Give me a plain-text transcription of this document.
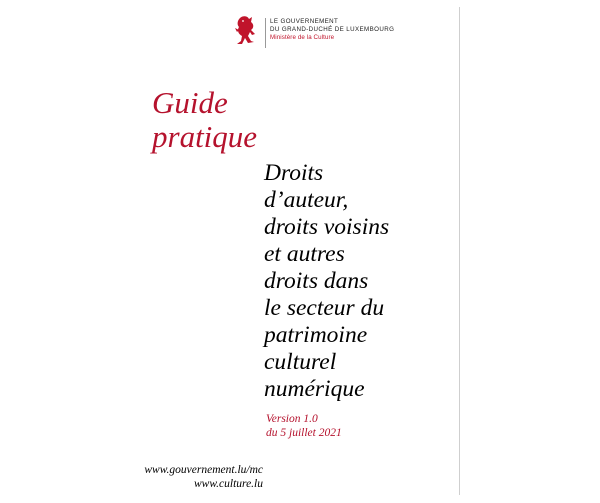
LE GOUVERNEMENT
DU GRAND-DUCHÉ DE LUXEMBOURG
Ministère de la Culture
Guide
pratique
Droits
d’auteur,
droits voisins
et autres
droits dans
le secteur du
patrimoine
culturel
numérique
Version 1.0
du 5 juillet 2021
www.gouvernement.lu/mc
www.culture.lu
